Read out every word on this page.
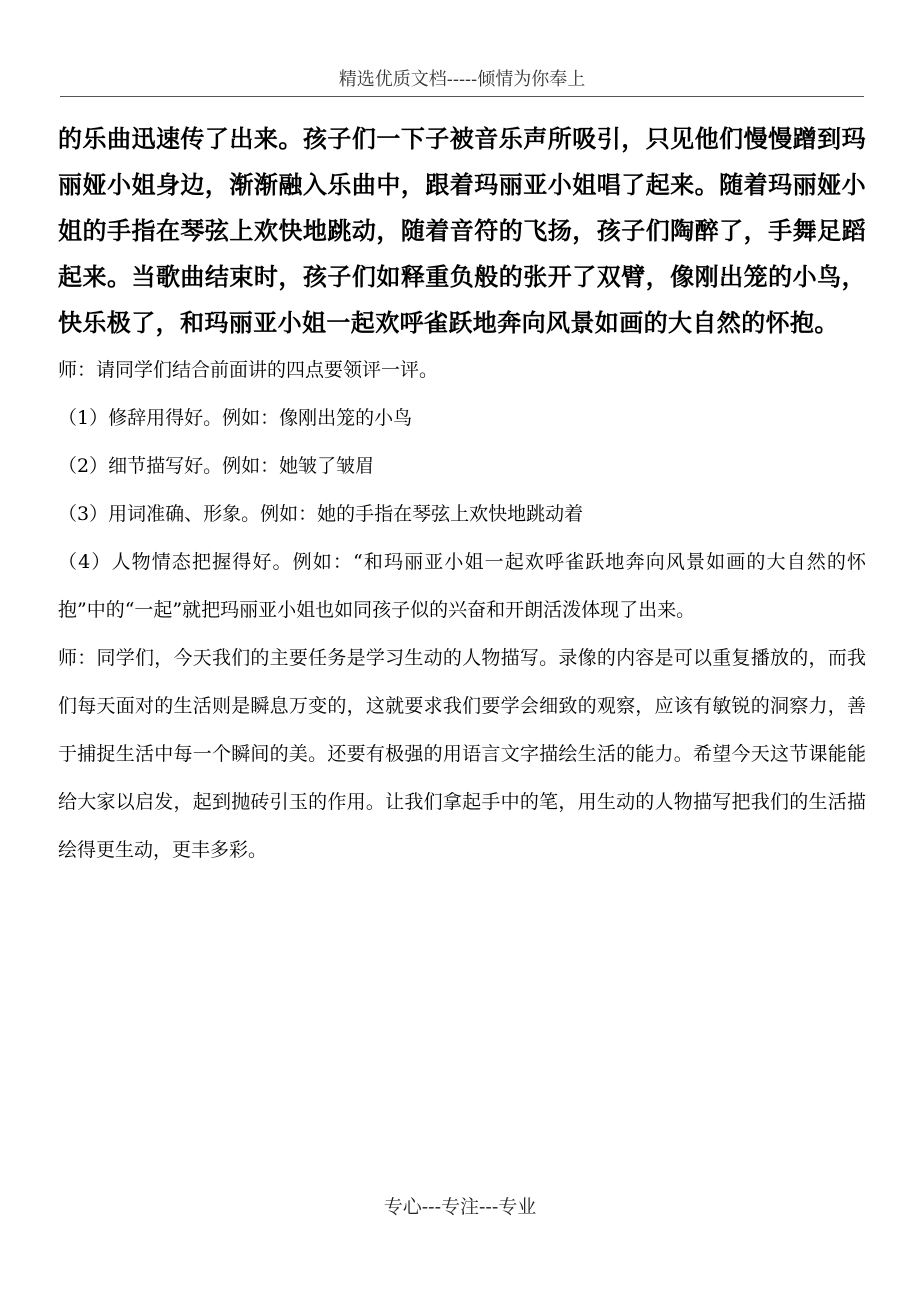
精选优质文档-----倾情为你奉上

的乐曲迅速传了出来。孩子们一下子被音乐声所吸引，只见他们慢慢蹭到玛丽娅小姐身边，渐渐融入乐曲中，跟着玛丽亚小姐唱了起来。随着玛丽娅小姐的手指在琴弦上欢快地跳动，随着音符的飞扬，孩子们陶醉了，手舞足蹈起来。当歌曲结束时，孩子们如释重负般的张开了双臂，像刚出笼的小鸟，快乐极了，和玛丽亚小姐一起欢呼雀跃地奔向风景如画的大自然的怀抱。

师：请同学们结合前面讲的四点要领评一评。

（1）修辞用得好。例如：像刚出笼的小鸟

（2）细节描写好。例如：她皱了皱眉

（3）用词准确、形象。例如：她的手指在琴弦上欢快地跳动着

（4）人物情态把握得好。例如：“和玛丽亚小姐一起欢呼雀跃地奔向风景如画的大自然的怀抱”中的“一起”就把玛丽亚小姐也如同孩子似的兴奋和开朗活泼体现了出来。

师：同学们，今天我们的主要任务是学习生动的人物描写。录像的内容是可以重复播放的，而我们每天面对的生活则是瞬息万变的，这就要求我们要学会细致的观察，应该有敏锐的洞察力，善于捕捉生活中每一个瞬间的美。还要有极强的用语言文字描绘生活的能力。希望今天这节课能能给大家以启发，起到抛砖引玉的作用。让我们拿起手中的笔，用生动的人物描写把我们的生活描绘得更生动，更丰多彩。

专心---专注---专业
